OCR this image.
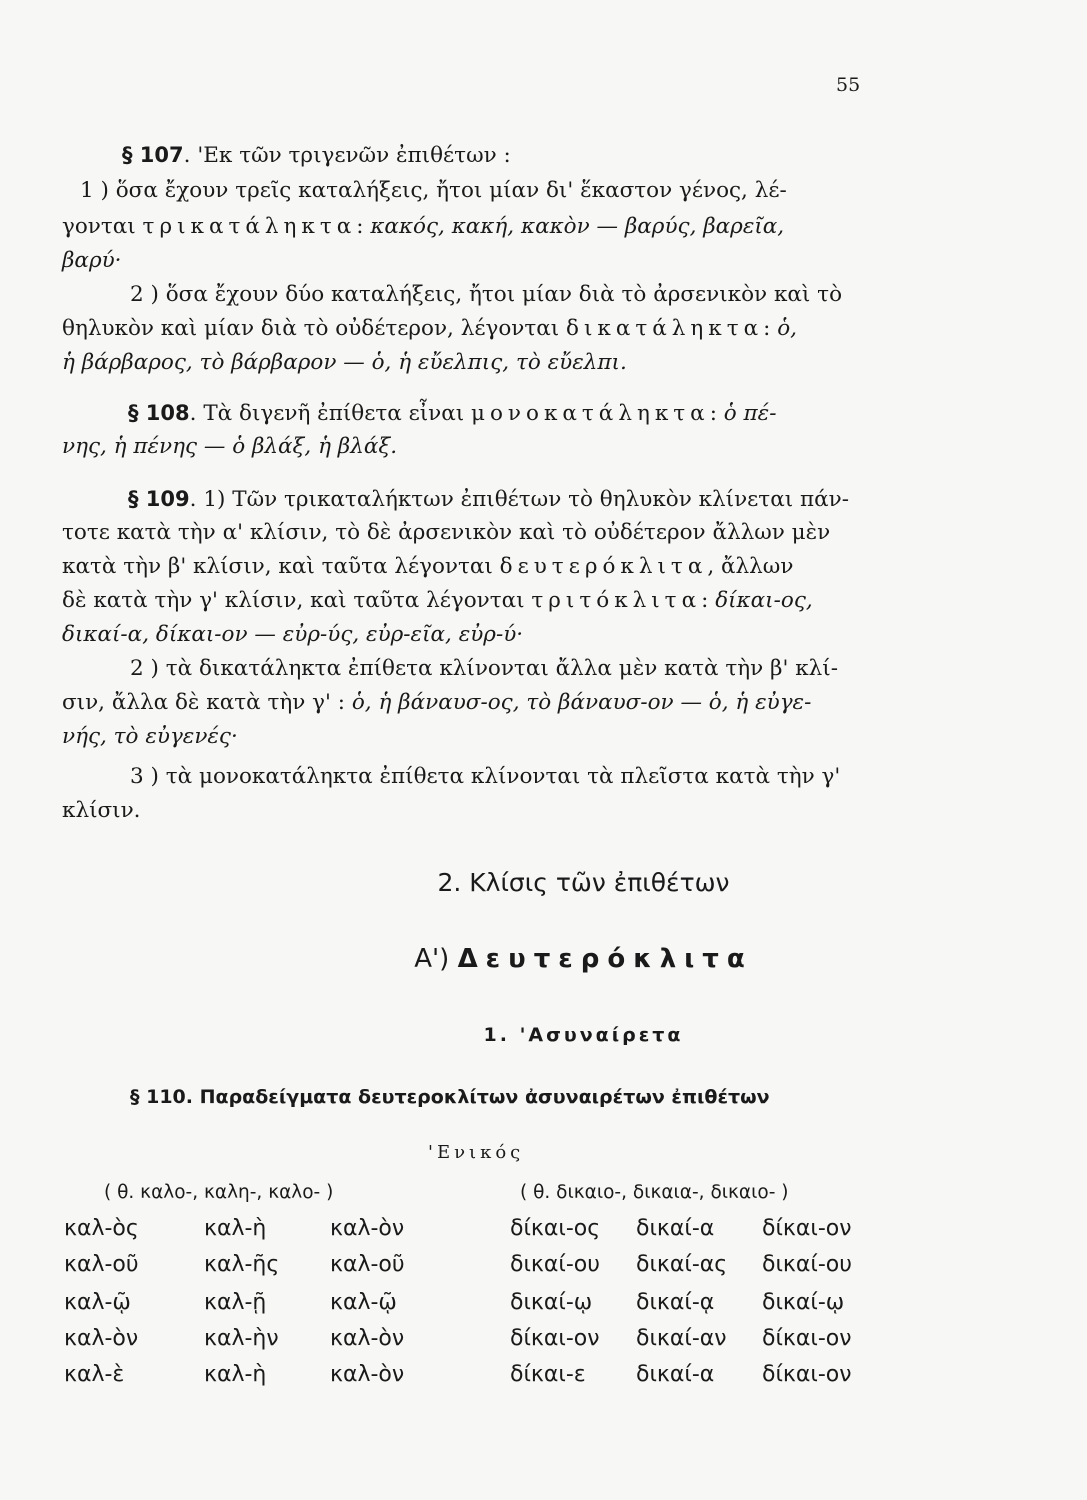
55
§ 107. 'Εκ τῶν τριγενῶν ἐπιθέτων :
1 ) ὅσα ἔχουν τρεῖς καταλήξεις, ἤτοι μίαν δι' ἕκαστον γένος, λέ-
γονται τρικατάληκτα: κακός, κακή, κακὸν — βαρύς, βαρεῖα,
βαρύ·
2 ) ὅσα ἔχουν δύο καταλήξεις, ἤτοι μίαν διὰ τὸ ἀρσενικὸν καὶ τὸ
θηλυκὸν καὶ μίαν διὰ τὸ οὐδέτερον, λέγονται δικατάληκτα: ὁ,
ἡ βάρβαρος, τὸ βάρβαρον — ὁ, ἡ εὔελπις, τὸ εὔελπι.
§ 108. Τὰ διγενῆ ἐπίθετα εἶναι μονοκατάληκτα: ὁ πέ-
νης, ἡ πένης — ὁ βλάξ, ἡ βλάξ.
§ 109. 1) Τῶν τρικαταλήκτων ἐπιθέτων τὸ θηλυκὸν κλίνεται πάν-
τοτε κατὰ τὴν α' κλίσιν, τὸ δὲ ἀρσενικὸν καὶ τὸ οὐδέτερον ἄλλων μὲν
κατὰ τὴν β' κλίσιν, καὶ ταῦτα λέγονται δευτερόκλιτα, ἄλλων
δὲ κατὰ τὴν γ' κλίσιν, καὶ ταῦτα λέγονται τριτόκλιτα: δίκαι-ος,
δικαί-α, δίκαι-ον — εὐρ-ύς, εὐρ-εῖα, εὐρ-ύ·
2 ) τὰ δικατάληκτα ἐπίθετα κλίνονται ἄλλα μὲν κατὰ τὴν β' κλί-
σιν, ἄλλα δὲ κατὰ τὴν γ' : ὁ, ἡ βάναυσ-ος, τὸ βάναυσ-ον — ὁ, ἡ εὐγε-
νής, τὸ εὐγενές·
3 ) τὰ μονοκατάληκτα ἐπίθετα κλίνονται τὰ πλεῖστα κατὰ τὴν γ'
κλίσιν.
2. Κλίσις τῶν ἐπιθέτων
Α') Δευτερόκλιτα
1. 'Ασυναίρετα
§ 110. Παραδείγματα δευτεροκλίτων ἀσυναιρέτων ἐπιθέτων
'Ενικός
( θ. καλο-, καλη-, καλο- )	( θ. δικαιο-, δικαια-, δικαιο- )
καλ-ὸς	καλ-ὴ	καλ-ὸν	δίκαι-ος δικαί-α δίκαι-ον
καλ-οῦ	καλ-ῆς καλ-οῦ	δικαί-ου δικαί-ας δικαί-ου
καλ-ῷ	καλ-ῇ	καλ-ῷ	δικαί-ῳ δικαί-ᾳ δικαί-ῳ
καλ-ὸν	καλ-ὴν καλ-ὸν	δίκαι-ον δικαί-αν δίκαι-ον
καλ-ὲ	καλ-ὴ	καλ-ὸν	δίκαι-ε δικαί-α δίκαι-ον
